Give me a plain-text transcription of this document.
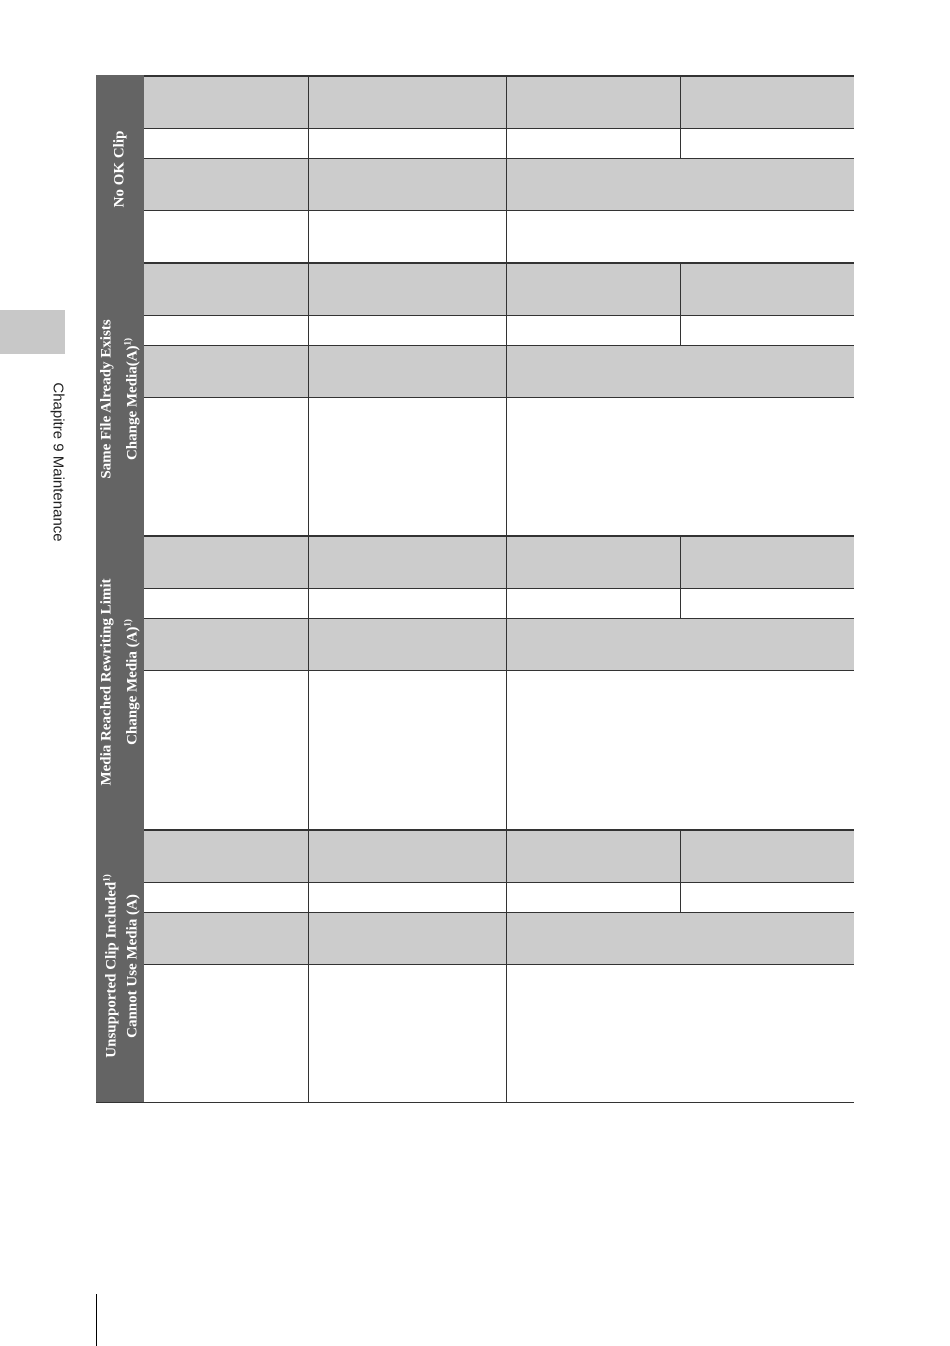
Chapitre 9 Maintenance
No OK Clip
Same File Already Exists Change $Media(A)^{1)}$
Media Reached Rewriting Limit Change Media $(A)^{1)}$
Unsupported Clip Included$^{1)}$
Cannot Use Media (A)
